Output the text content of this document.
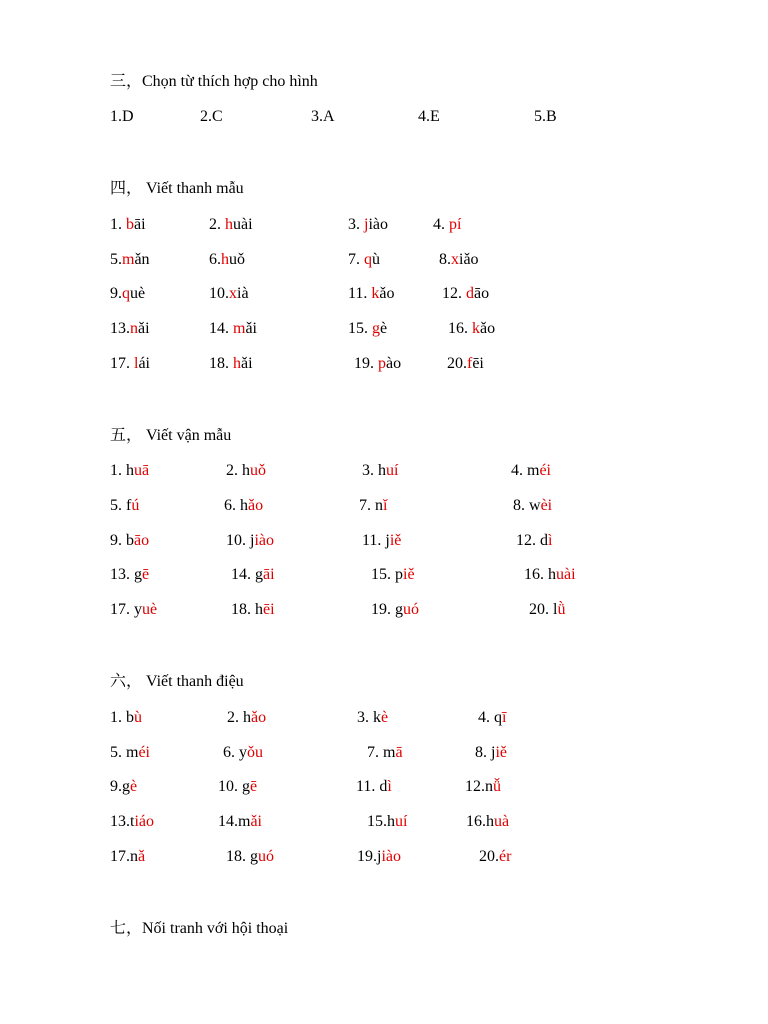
三，Chọn từ thích hợp cho hình
1.D	2.C	3.A	4.E	5.B
四， Viết thanh mẫu
1. bāi	2. huài	3. jiào	4. pí
5.mǎn	6.huǒ	7. qù	8.xiǎo
9.què	10.xià	11. kǎo	12. dāo
13.nǎi	14. mǎi	15. gè	16. kǎo
17. lái	18. hǎi	19. pào	20.fēi
五， Viết vận mẫu
1. huā	2. huǒ	3. huí	4. méi
5. fú	6. hǎo	7. nǐ	8. wèi
9. bāo	10. jiào	11. jiě	12. dì
13. gē	14. gāi	15. piě	16. huài
17. yuè	18. hēi	19. guó	20. lǜ
六， Viết thanh điệu
1. bù	2. hǎo	3. kè	4. qī
5. méi	6. yǒu	7. mā	8. jiě
9.gè	10. gē	11. dì	12.nǚ
13.tiáo	14.mǎi	15.huí	16.huà
17.nǎ	18. guó	19.jiào	20.ér
七，Nối tranh với hội thoại
